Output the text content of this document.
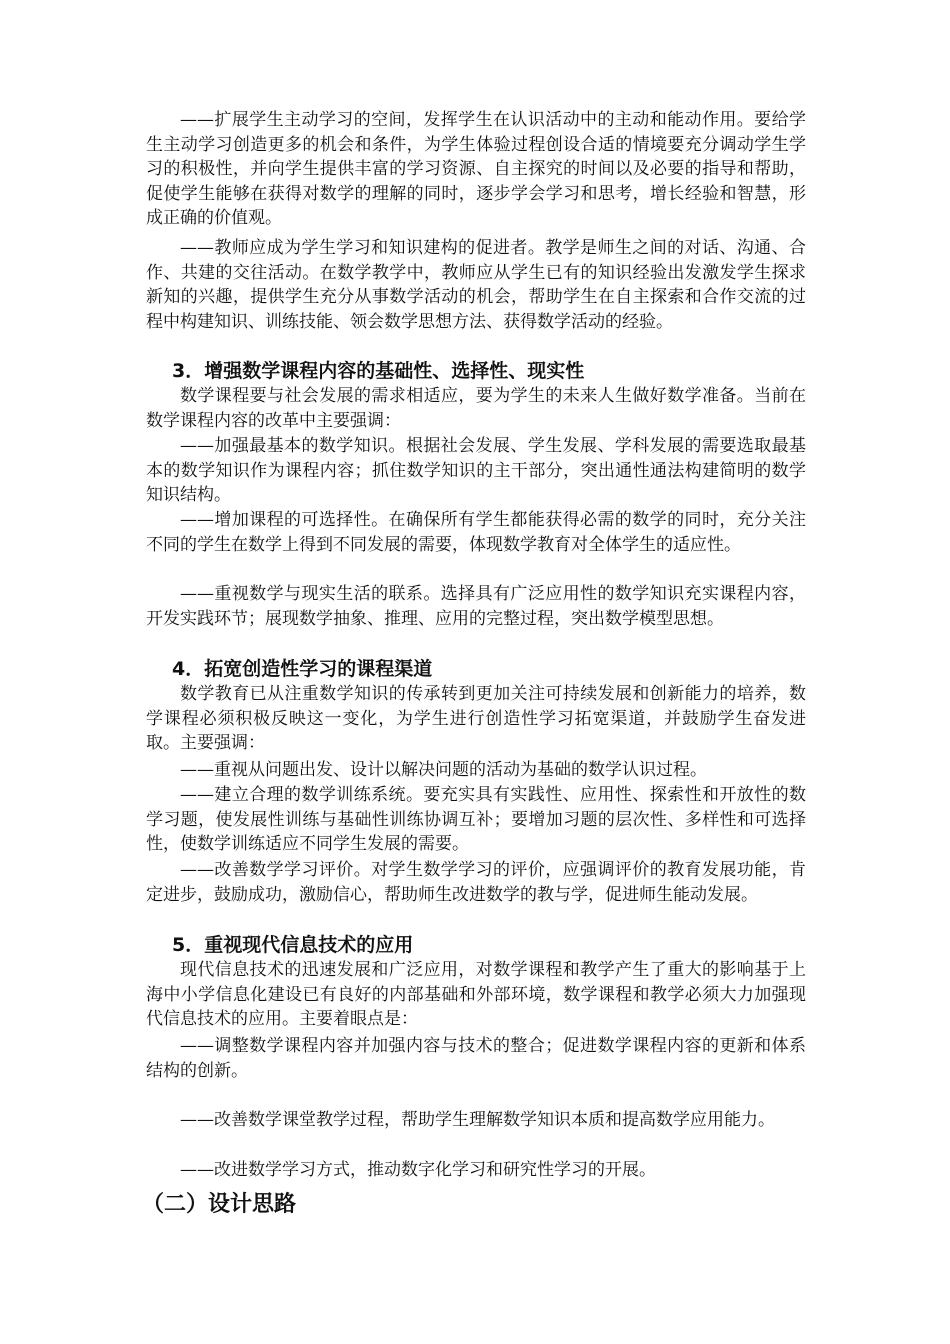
——扩展学生主动学习的空间，发挥学生在认识活动中的主动和能动作用。要给学生主动学习创造更多的机会和条件，为学生体验过程创设合适的情境要充分调动学生学习的积极性，并向学生提供丰富的学习资源、自主探究的时间以及必要的指导和帮助，促使学生能够在获得对数学的理解的同时，逐步学会学习和思考，增长经验和智慧，形成正确的价值观。

——教师应成为学生学习和知识建构的促进者。教学是师生之间的对话、沟通、合作、共建的交往活动。在数学教学中，教师应从学生已有的知识经验出发激发学生探求新知的兴趣，提供学生充分从事数学活动的机会，帮助学生在自主探索和合作交流的过程中构建知识、训练技能、领会数学思想方法、获得数学活动的经验。

3．增强数学课程内容的基础性、选择性、现实性

数学课程要与社会发展的需求相适应，要为学生的未来人生做好数学准备。当前在数学课程内容的改革中主要强调：

——加强最基本的数学知识。根据社会发展、学生发展、学科发展的需要选取最基本的数学知识作为课程内容；抓住数学知识的主干部分，突出通性通法构建简明的数学知识结构。

——增加课程的可选择性。在确保所有学生都能获得必需的数学的同时，充分关注不同的学生在数学上得到不同发展的需要，体现数学教育对全体学生的适应性。

——重视数学与现实生活的联系。选择具有广泛应用性的数学知识充实课程内容，开发实践环节；展现数学抽象、推理、应用的完整过程，突出数学模型思想。

4．拓宽创造性学习的课程渠道

数学教育已从注重数学知识的传承转到更加关注可持续发展和创新能力的培养，数学课程必须积极反映这一变化，为学生进行创造性学习拓宽渠道，并鼓励学生奋发进取。主要强调：

——重视从问题出发、设计以解决问题的活动为基础的数学认识过程。

——建立合理的数学训练系统。要充实具有实践性、应用性、探索性和开放性的数学习题，使发展性训练与基础性训练协调互补；要增加习题的层次性、多样性和可选择性，使数学训练适应不同学生发展的需要。

——改善数学学习评价。对学生数学学习的评价，应强调评价的教育发展功能，肯定进步，鼓励成功，激励信心，帮助师生改进数学的教与学，促进师生能动发展。

5．重视现代信息技术的应用

现代信息技术的迅速发展和广泛应用，对数学课程和教学产生了重大的影响基于上海中小学信息化建设已有良好的内部基础和外部环境，数学课程和教学必须大力加强现代信息技术的应用。主要着眼点是：

——调整数学课程内容并加强内容与技术的整合；促进数学课程内容的更新和体系结构的创新。

——改善数学课堂教学过程，帮助学生理解数学知识本质和提高数学应用能力。

——改进数学学习方式，推动数字化学习和研究性学习的开展。

（二）设计思路
